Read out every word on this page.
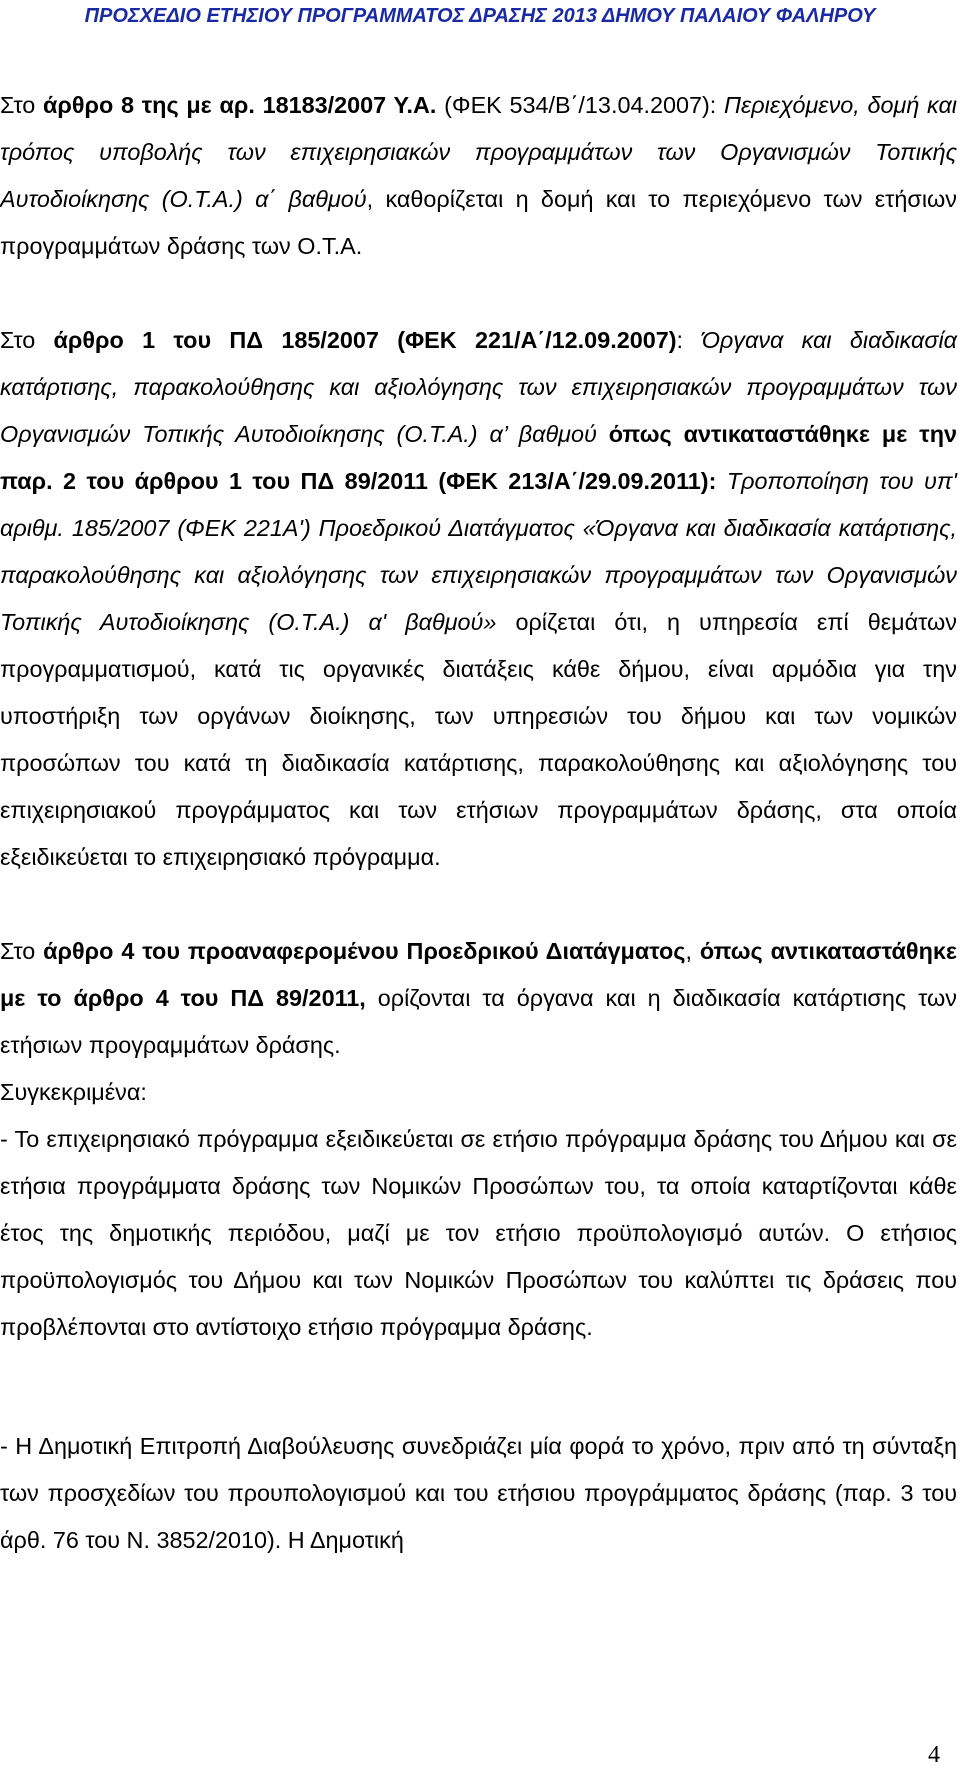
ΠΡΟΣΧΕΔΙΟ ΕΤΗΣΙΟΥ ΠΡΟΓΡΑΜΜΑΤΟΣ ΔΡΑΣΗΣ 2013 ΔΗΜΟΥ ΠΑΛΑΙΟΥ ΦΑΛΗΡΟΥ

Στο άρθρο 8 της με αρ. 18183/2007 Υ.Α. (ΦΕΚ 534/Β΄/13.04.2007): Περιεχόμενο, δομή και τρόπος υποβολής των επιχειρησιακών προγραμμάτων των Οργανισμών Τοπικής Αυτοδιοίκησης (Ο.Τ.Α.) α΄ βαθμού, καθορίζεται η δομή και το περιεχόμενο των ετήσιων προγραμμάτων δράσης των Ο.Τ.Α.

Στο άρθρο 1 του ΠΔ 185/2007 (ΦΕΚ 221/Α΄/12.09.2007): Όργανα και διαδικασία κατάρτισης, παρακολούθησης και αξιολόγησης των επιχειρησιακών προγραμμάτων των Οργανισμών Τοπικής Αυτοδιοίκησης (Ο.Τ.Α.) α’ βαθμού όπως αντικαταστάθηκε με την παρ. 2 του άρθρου 1 του ΠΔ 89/2011 (ΦΕΚ 213/Α΄/29.09.2011): Τροποποίηση του υπ' αριθμ. 185/2007 (ΦΕΚ 221Α') Προεδρικού Διατάγματος «Όργανα και διαδικασία κατάρτισης, παρακολούθησης και αξιολόγησης των επιχειρησιακών προγραμμάτων των Οργανισμών Τοπικής Αυτοδιοίκησης (Ο.Τ.Α.) α' βαθμού» ορίζεται ότι, η υπηρεσία επί θεμάτων προγραμματισμού, κατά τις οργανικές διατάξεις κάθε δήμου, είναι αρμόδια για την υποστήριξη των οργάνων διοίκησης, των υπηρεσιών του δήμου και των νομικών προσώπων του κατά τη διαδικασία κατάρτισης, παρακολούθησης και αξιολόγησης του επιχειρησιακού προγράμματος και των ετήσιων προγραμμάτων δράσης, στα οποία εξειδικεύεται το επιχειρησιακό πρόγραμμα.

Στο άρθρο 4 του προαναφερομένου Προεδρικού Διατάγματος, όπως αντικαταστάθηκε με το άρθρο 4 του ΠΔ 89/2011, ορίζονται τα όργανα και η διαδικασία κατάρτισης των ετήσιων προγραμμάτων δράσης.

Συγκεκριμένα:

- Το επιχειρησιακό πρόγραμμα εξειδικεύεται σε ετήσιο πρόγραμμα δράσης του Δήμου και σε ετήσια προγράμματα δράσης των Νομικών Προσώπων του, τα οποία καταρτίζονται κάθε έτος της δημοτικής περιόδου, μαζί με τον ετήσιο προϋπολογισμό αυτών. Ο ετήσιος προϋπολογισμός του Δήμου και των Νομικών Προσώπων του καλύπτει τις δράσεις που προβλέπονται στο αντίστοιχο ετήσιο πρόγραμμα δράσης.

- Η Δημοτική Επιτροπή Διαβούλευσης συνεδριάζει μία φορά το χρόνο, πριν από τη σύνταξη των προσχεδίων του προυπολογισμού και του ετήσιου προγράμματος δράσης (παρ. 3 του άρθ. 76 του Ν. 3852/2010). Η Δημοτική

4
